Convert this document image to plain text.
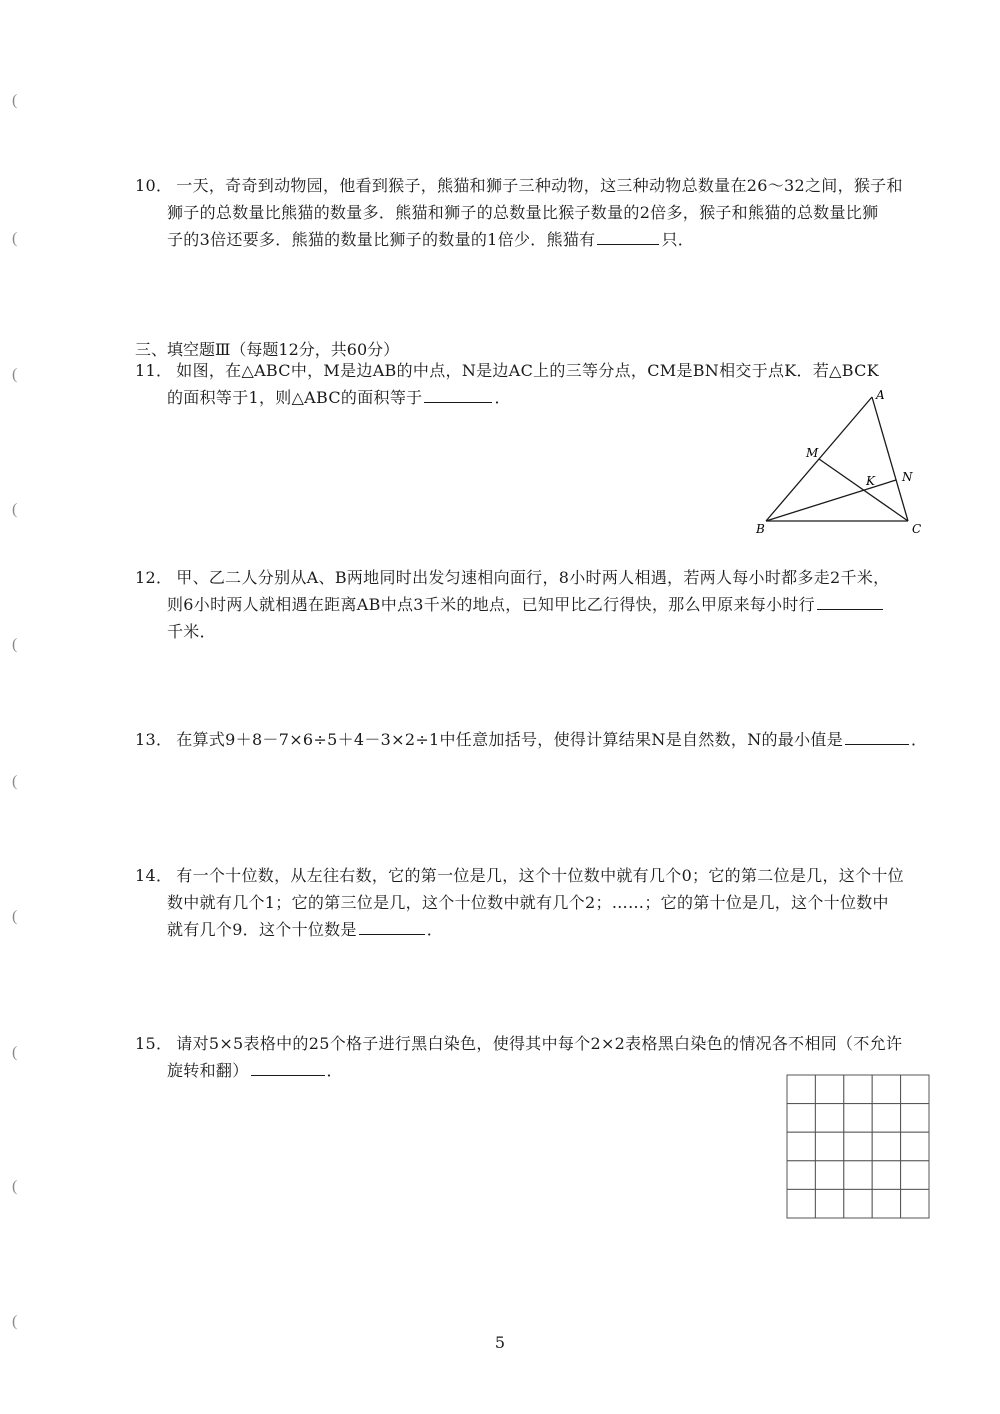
(
(
(
(
(
(
(
(
(
(
10． 一天，奇奇到动物园，他看到猴子，熊猫和狮子三种动物，这三种动物总数量在26～32之间，猴子和
狮子的总数量比熊猫的数量多．熊猫和狮子的总数量比猴子数量的2倍多，猴子和熊猫的总数量比狮
子的3倍还要多．熊猫的数量比狮子的数量的1倍少．熊猫有	只．
三、填空题Ⅲ（每题12分，共60分）
11． 如图，在△ABC中，M是边AB的中点，N是边AC上的三等分点，CM是BN相交于点K．若△BCK
的面积等于1，则△ABC的面积等于	．	A
B	C
M
N
K
12． 甲、乙二人分别从A、B两地同时出发匀速相向面行，8小时两人相遇，若两人每小时都多走2千米，
则6小时两人就相遇在距离AB中点3千米的地点，已知甲比乙行得快，那么甲原来每小时行
千米．
13． 在算式9＋8－7×6÷5＋4－3×2÷1中任意加括号，使得计算结果N是自然数，N的最小值是	．
14． 有一个十位数，从左往右数，它的第一位是几，这个十位数中就有几个0；它的第二位是几，这个十位
数中就有几个1；它的第三位是几，这个十位数中就有几个2；……；它的第十位是几，这个十位数中
就有几个9．这个十位数是	．
15． 请对5×5表格中的25个格子进行黑白染色，使得其中每个2×2表格黑白染色的情况各不相同（不允许
旋转和翻）	．
5
